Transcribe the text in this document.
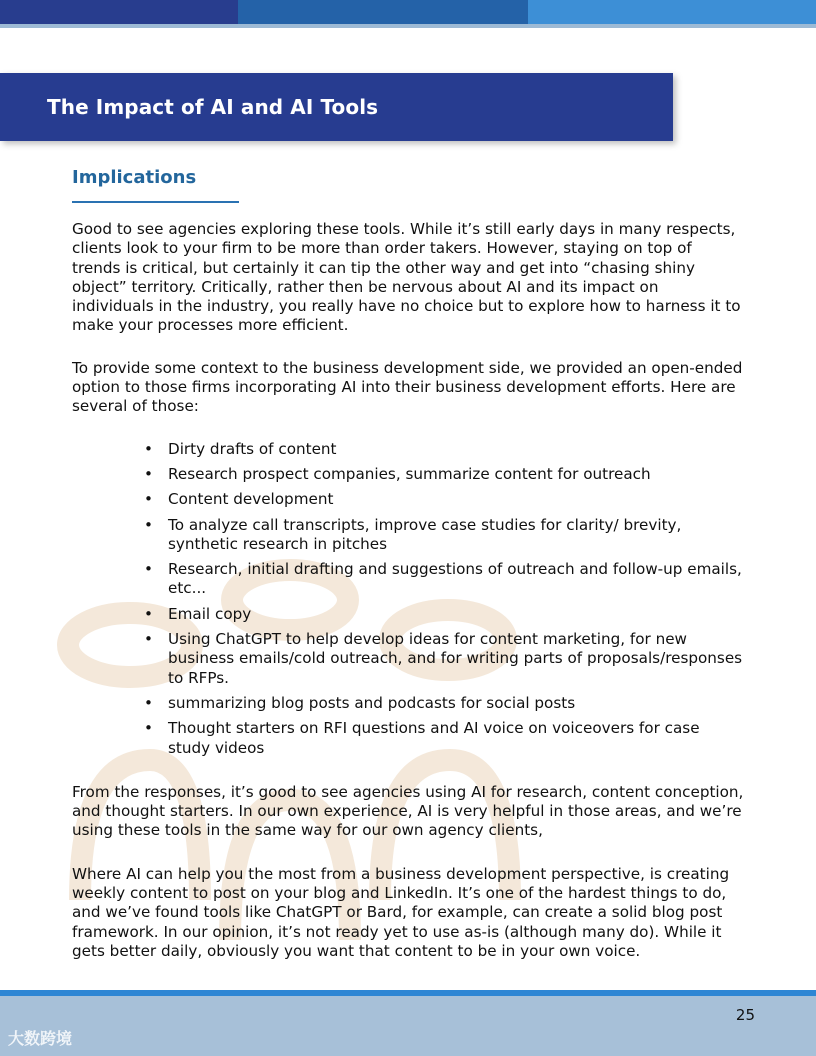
The Impact of AI and AI Tools
Implications

Good to see agencies exploring these tools. While it’s still early days in many respects, clients look to your firm to be more than order takers. However, staying on top of trends is critical, but certainly it can tip the other way and get into “chasing shiny object” territory. Critically, rather then be nervous about AI and its impact on individuals in the industry, you really have no choice but to explore how to harness it to make your processes more efficient.

To provide some context to the business development side, we provided an open-ended option to those firms incorporating AI into their business development efforts. Here are several of those:

• Dirty drafts of content
• Research prospect companies, summarize content for outreach
• Content development
• To analyze call transcripts, improve case studies for clarity/ brevity, synthetic research in pitches
• Research, initial drafting and suggestions of outreach and follow-up emails, etc...
• Email copy
• Using ChatGPT to help develop ideas for content marketing, for new business emails/cold outreach, and for writing parts of proposals/responses to RFPs.
• summarizing blog posts and podcasts for social posts
• Thought starters on RFI questions and AI voice on voiceovers for case study videos

From the responses, it’s good to see agencies using AI for research, content conception, and thought starters. In our own experience, AI is very helpful in those areas, and we’re using these tools in the same way for our own agency clients,

Where AI can help you the most from a business development perspective, is creating weekly content to post on your blog and LinkedIn. It’s one of the hardest things to do, and we’ve found tools like ChatGPT or Bard, for example, can create a solid blog post framework. In our opinion, it’s not ready yet to use as-is (although many do). While it gets better daily, obviously you want that content to be in your own voice.

25
大数跨境
